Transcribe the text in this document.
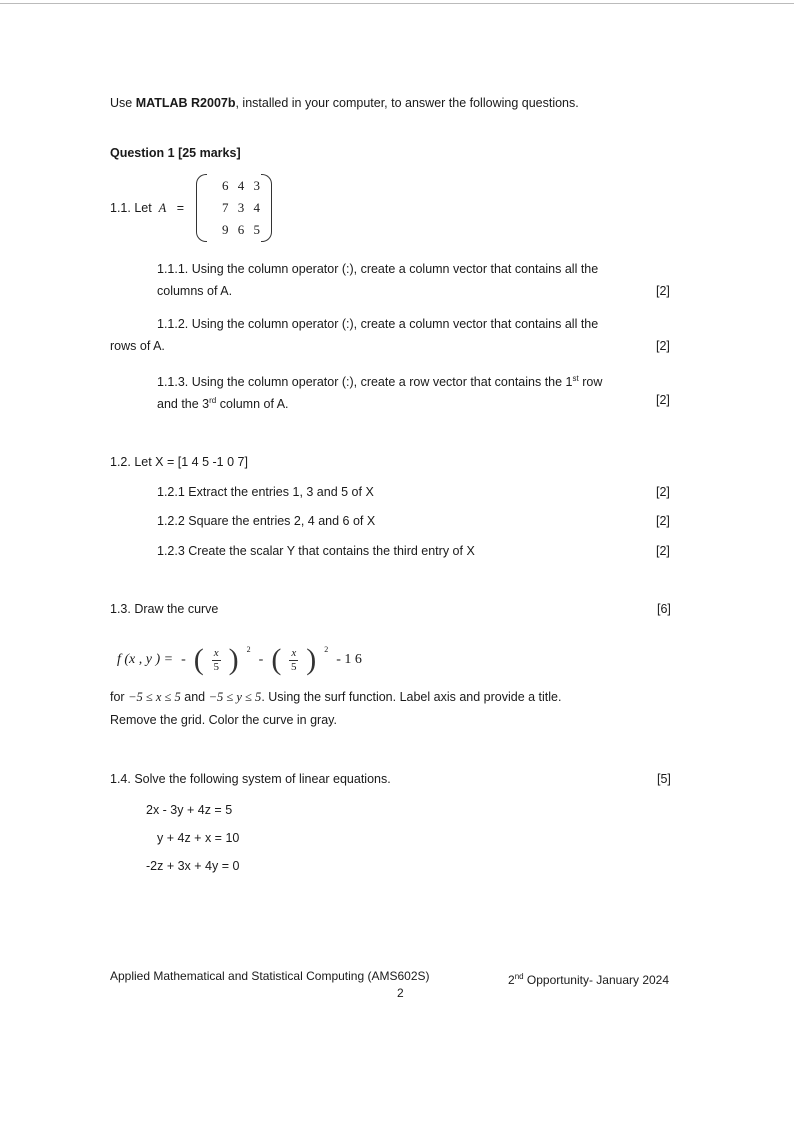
Use MATLAB R2007b, installed in your computer, to answer the following questions.
Question 1 [25 marks]
1.1. Let A =
6 4 3
7 3 4
9 6 5
1.1.1. Using the column operator (:), create a column vector that contains all the
columns of A.	[2]
1.1.2. Using the column operator (:), create a column vector that contains all the
rows of A.	[2]
1.1.3. Using the column operator (:), create a row vector that contains the 1st row
and the 3rd column of A.	[2]
1.2. Let X = [1 4 5 -1 0 7]
1.2.1 Extract the entries 1, 3 and 5 of X	[2]
1.2.2 Square the entries 2, 4 and 6 of X	[2]
1.2.3 Create the scalar Y that contains the third entry of X	[2]
1.3. Draw the curve	[6]
f (x , y ) = - ( $\frac{x}{5}$ ) $^2$
- ( $\frac{x}{5}$ ) $^2$
- 1 6
for −5 ≤ x ≤ 5 and −5 ≤ y ≤ 5. Using the surf function. Label axis and provide a title.
Remove the grid. Color the curve in gray.
1.4. Solve the following system of linear equations.	[5]
2x - 3y + 4z = 5
y + 4z + x = 10
-2z + 3x + 4y = 0
Applied Mathematical and Statistical Computing (AMS602S)
2
2nd Opportunity- January 2024
